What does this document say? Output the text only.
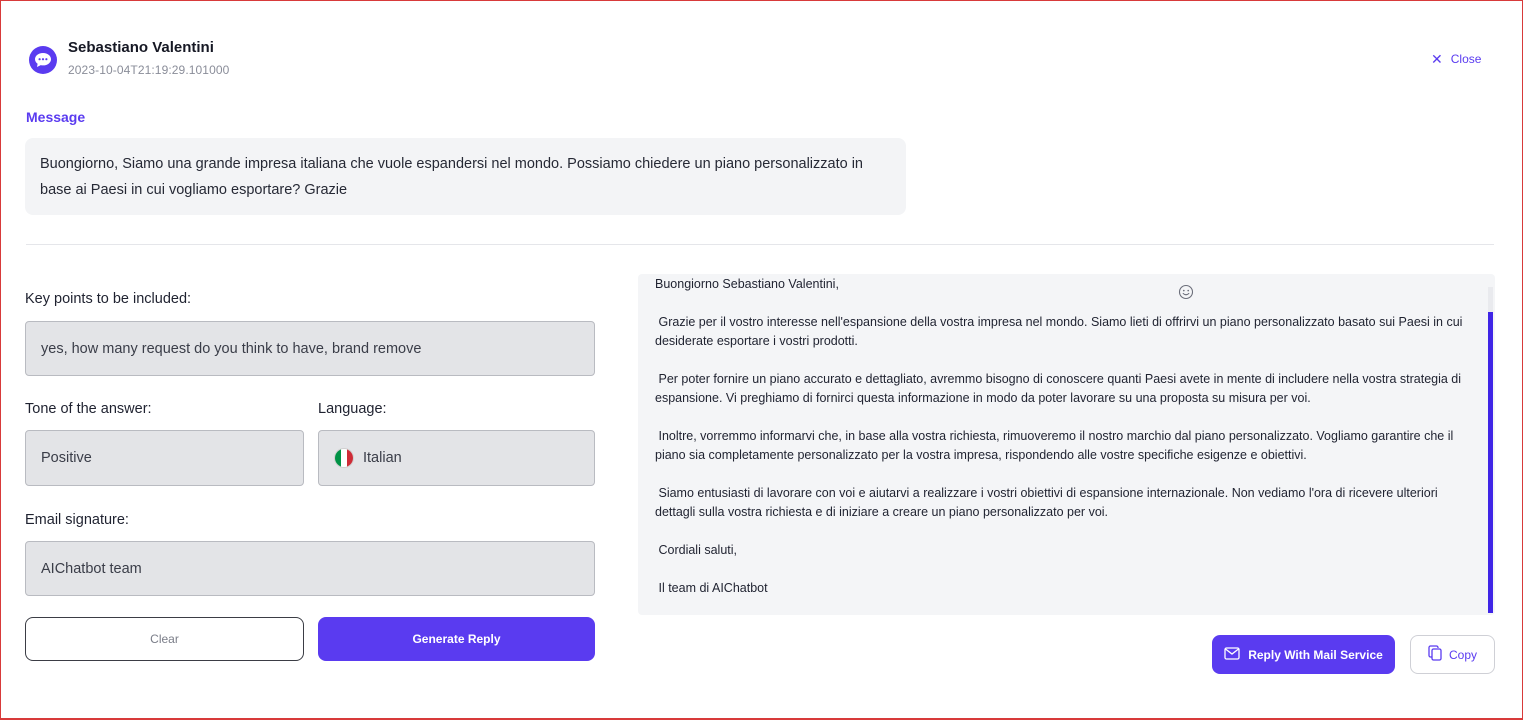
Sebastiano Valentini
2023-10-04T21:19:29.101000
✕ Close
Message
Buongiorno, Siamo una grande impresa italiana che vuole espandersi nel mondo. Possiamo chiedere un piano personalizzato in base ai Paesi in cui vogliamo esportare? Grazie
Key points to be included:
yes, how many request do you think to have, brand remove
Tone of the answer:
Positive
Language:
Italian
Email signature:
AIChatbot team
Clear	Generate Reply
Buongiorno Sebastiano Valentini,

Grazie per il vostro interesse nell'espansione della vostra impresa nel mondo. Siamo lieti di offrirvi un piano personalizzato basato sui Paesi in cui desiderate esportare i vostri prodotti.

Per poter fornire un piano accurato e dettagliato, avremmo bisogno di conoscere quanti Paesi avete in mente di includere nella vostra strategia di espansione. Vi preghiamo di fornirci questa informazione in modo da poter lavorare su una proposta su misura per voi.

Inoltre, vorremmo informarvi che, in base alla vostra richiesta, rimuoveremo il nostro marchio dal piano personalizzato. Vogliamo garantire che il piano sia completamente personalizzato per la vostra impresa, rispondendo alle vostre specifiche esigenze e obiettivi.

Siamo entusiasti di lavorare con voi e aiutarvi a realizzare i vostri obiettivi di espansione internazionale. Non vediamo l'ora di ricevere ulteriori dettagli sulla vostra richiesta e di iniziare a creare un piano personalizzato per voi.

Cordiali saluti,

Il team di AIChatbot
Reply With Mail Service	Copy
